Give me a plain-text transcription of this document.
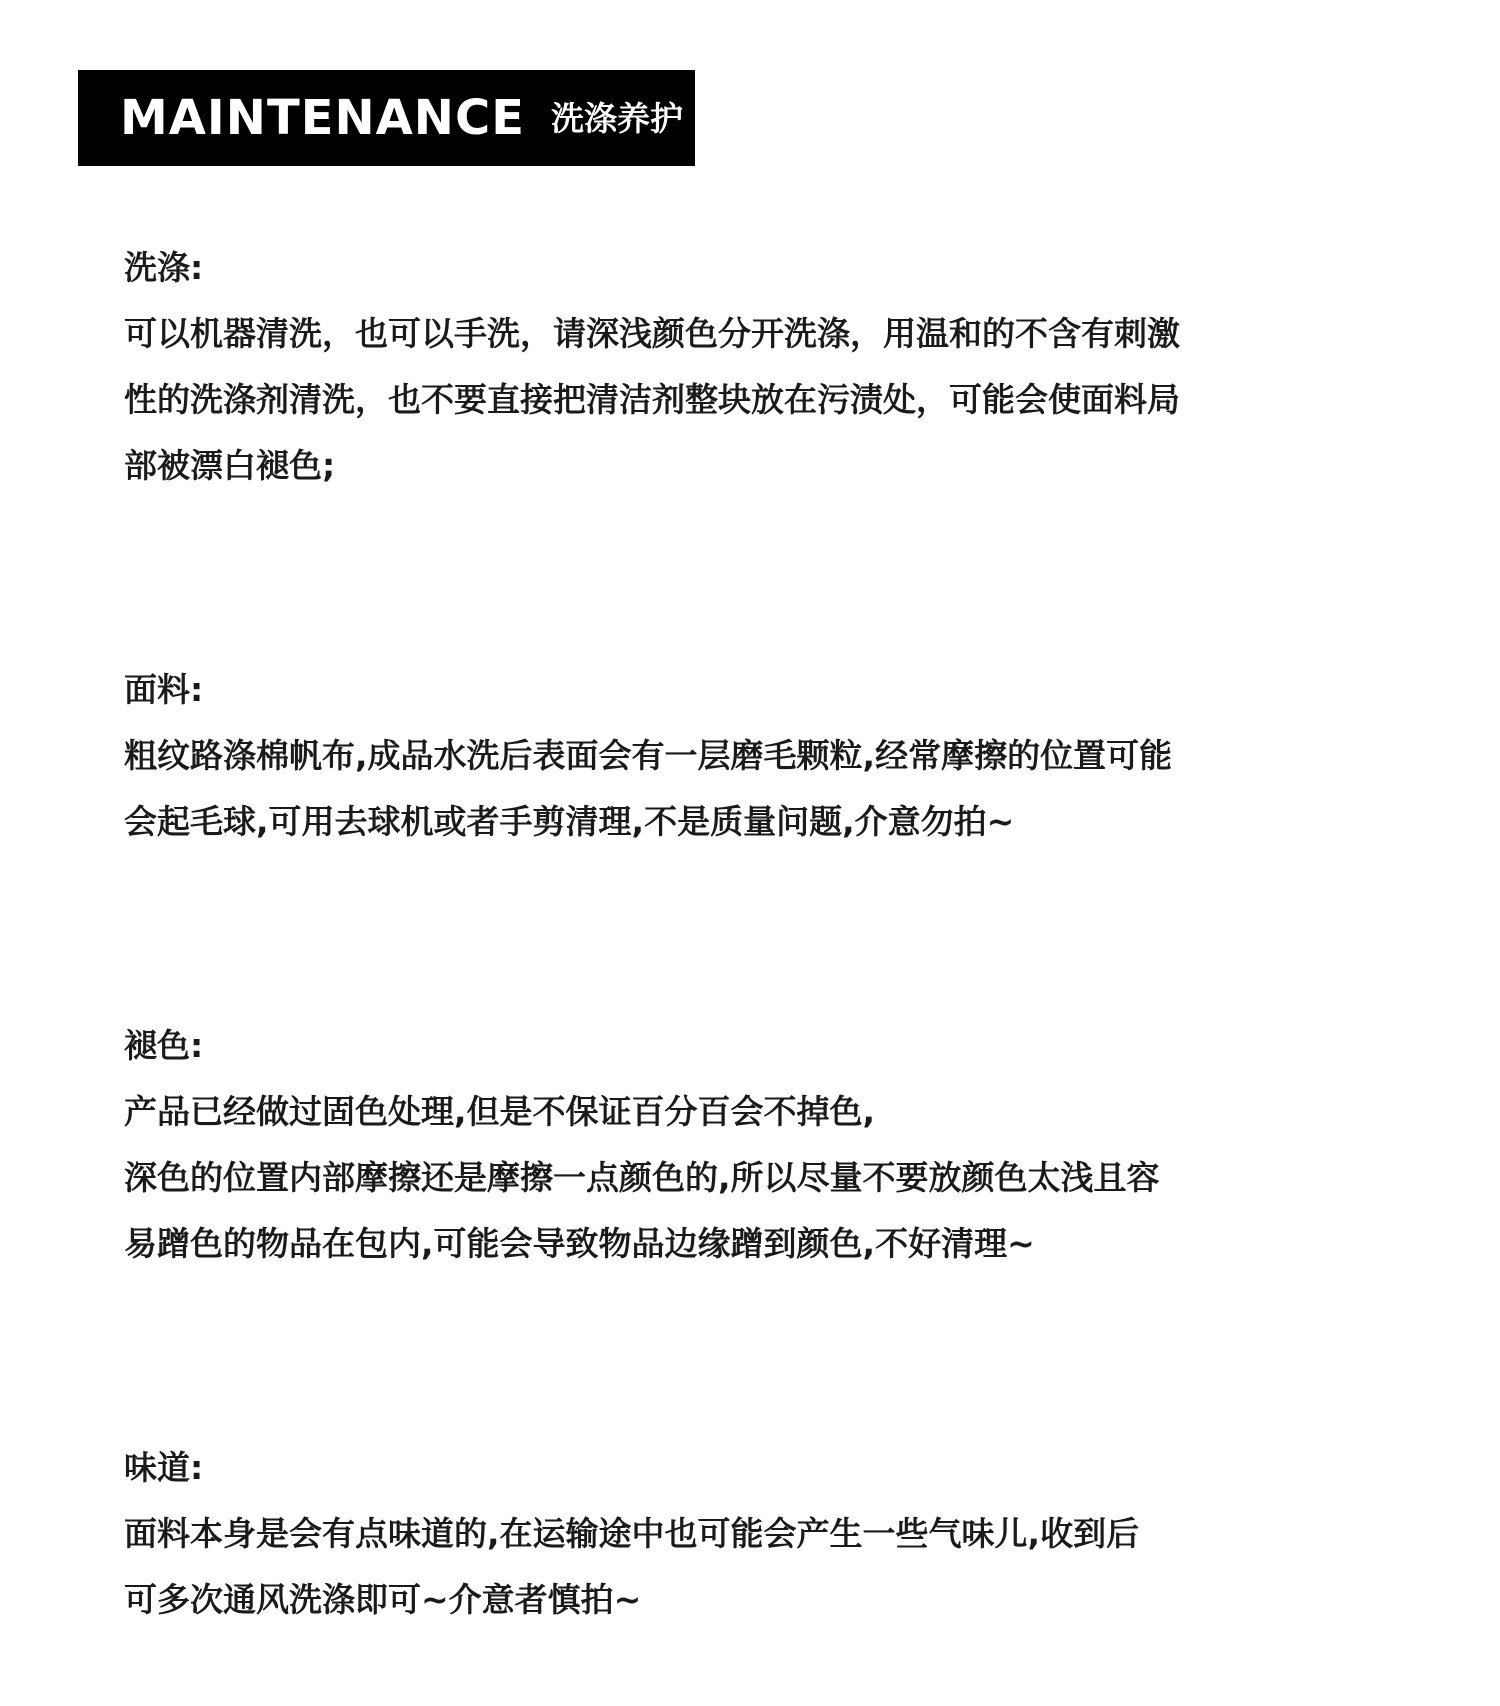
MAINTENANCE 洗涤养护

洗涤:

可以机器清洗，也可以手洗，请深浅颜色分开洗涤，用温和的不含有刺激

性的洗涤剂清洗，也不要直接把清洁剂整块放在污渍处，可能会使面料局

部被漂白褪色;

面料:

粗纹路涤棉帆布,成品水洗后表面会有一层磨毛颗粒,经常摩擦的位置可能

会起毛球,可用去球机或者手剪清理,不是质量问题,介意勿拍~

褪色:

产品已经做过固色处理,但是不保证百分百会不掉色,

深色的位置内部摩擦还是摩擦一点颜色的,所以尽量不要放颜色太浅且容

易蹭色的物品在包内,可能会导致物品边缘蹭到颜色,不好清理~

味道:

面料本身是会有点味道的,在运输途中也可能会产生一些气味儿,收到后

可多次通风洗涤即可~介意者慎拍~
